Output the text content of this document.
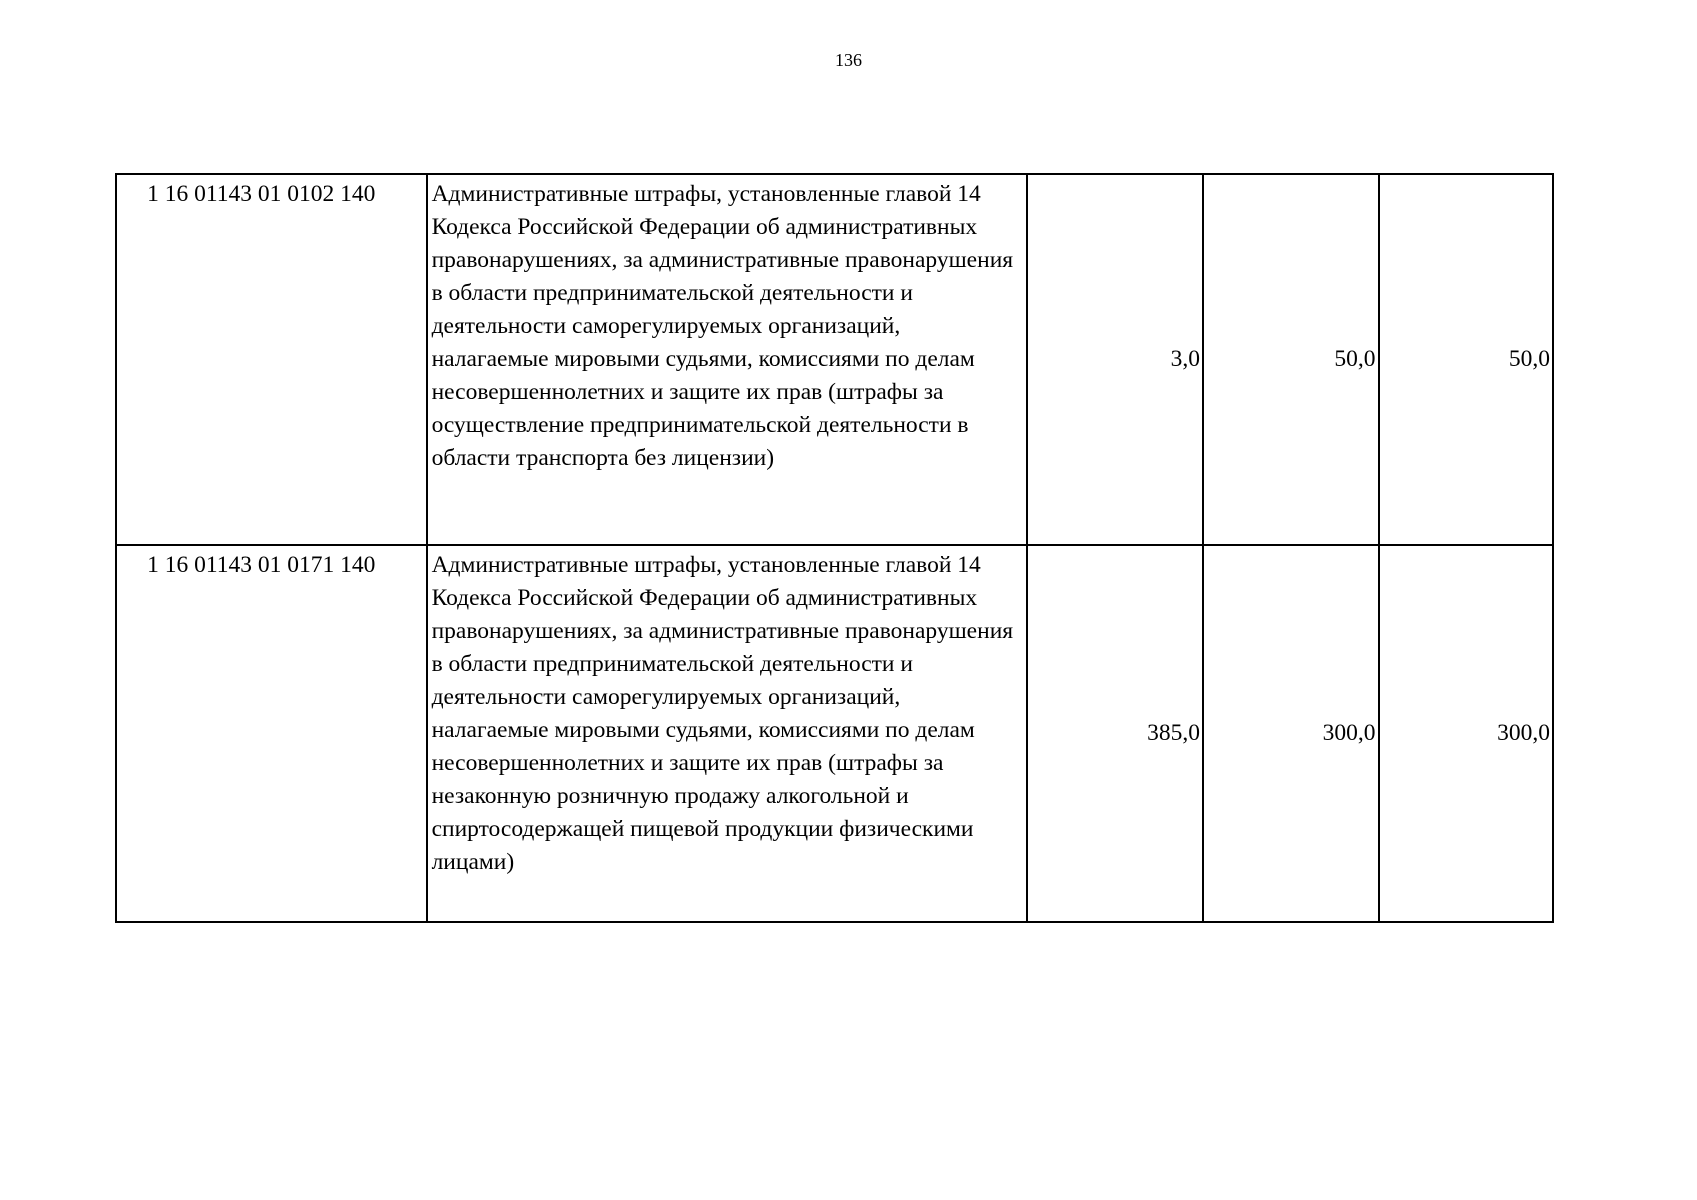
136
1 16 01143 01 0102 140	Административные штрафы, установленные главой 14 Кодекса Российской Федерации об административных правонарушениях, за административные правонарушения в области предпринимательской деятельности и деятельности саморегулируемых организаций, налагаемые мировыми судьями, комиссиями по делам несовершеннолетних и защите их прав (штрафы за осуществление предпринимательской деятельности в области транспорта без лицензии)	3,0	50,0	50,0
1 16 01143 01 0171 140	Административные штрафы, установленные главой 14 Кодекса Российской Федерации об административных правонарушениях, за административные правонарушения в области предпринимательской деятельности и деятельности саморегулируемых организаций, налагаемые мировыми судьями, комиссиями по делам несовершеннолетних и защите их прав (штрафы за незаконную розничную продажу алкогольной и спиртосодержащей пищевой продукции физическими лицами)	385,0	300,0	300,0
